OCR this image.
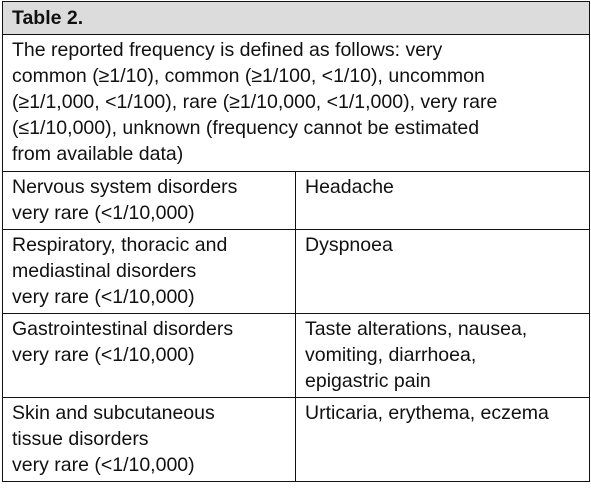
Table 2.	

The reported frequency is defined as follows: very
common (≥1/10), common (≥1/100, <1/10), uncommon
(≥1/1,000, <1/100), rare (≥1/10,000, <1/1,000), very rare
(≤1/10,000), unknown (frequency cannot be estimated
from available data)	

Nervous system disorders
very rare (<1/10,000)	Headache

Respiratory, thoracic and
mediastinal disorders
very rare (<1/10,000)	Dyspnoea

Gastrointestinal disorders
very rare (<1/10,000)	Taste alterations, nausea,
vomiting, diarrhoea,
epigastric pain

Skin and subcutaneous
tissue disorders
very rare (<1/10,000)	Urticaria, erythema, eczema
